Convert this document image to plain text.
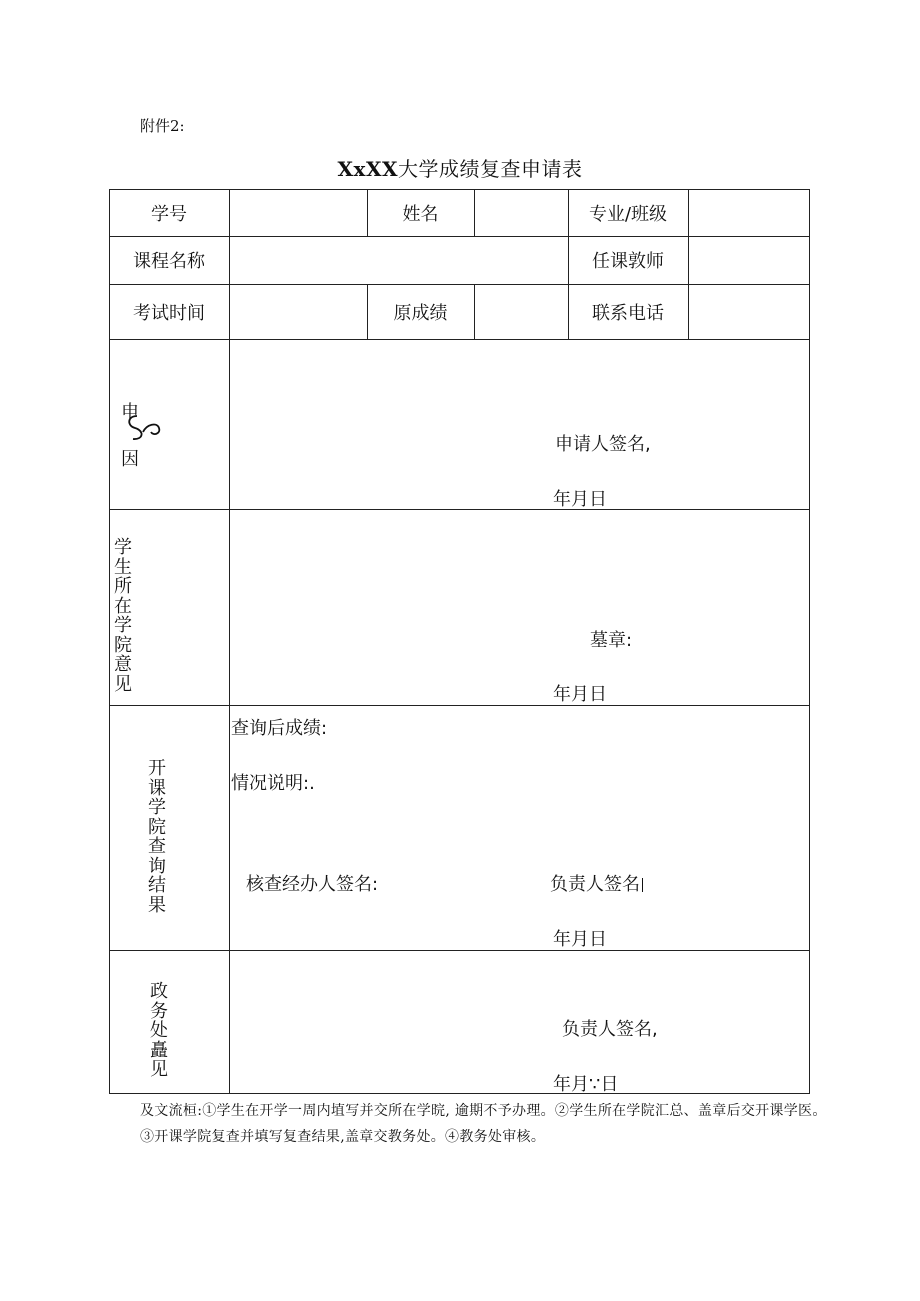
附件2:
XxXX大学成绩复查申请表
学号	姓名	专业/班级
课程名称	任课敦师
考试时间	原成绩	联系电话
申
因
申请人签名,
年月日
学
生
所
在
学
院
意
见
墓章:
年月日
开
课
学
院
查
询
结
果
查询后成绩:
情况说明:.
核查经办人签名:	负责人签名
年月日
政
务
处
矗
见
负责人签名,
年月∵日
及文流桓:①学生在开学一周内埴写并交所在学晥, 逾期不予办理。②学生所在学院汇总、盖章后交开课学医。③开课学院复查并填写复查结果,盖章交教务处。④教务处审核。
